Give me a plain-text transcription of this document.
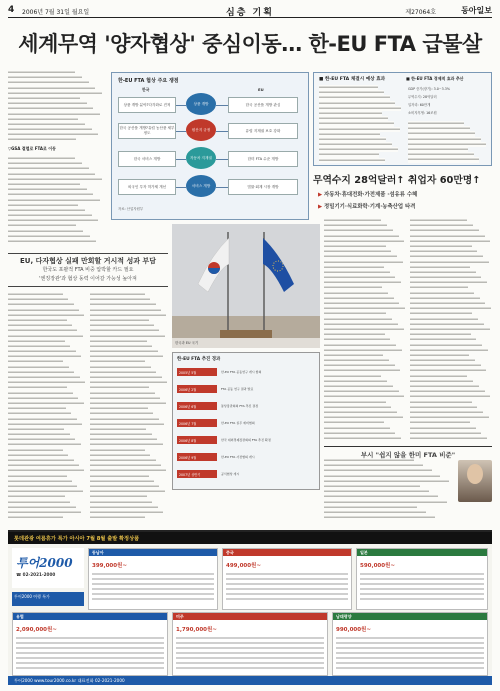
4 2006년 7월 31일 월요일	심층 기획	제27064호	동아일보
세계무역 '양자협상' 중심이동… 한-EU FTA 급물살
▽GSA 결렬로 FTA로 이동
한-EU FTA 협상 주요 쟁점
한국	EU
상품 개방 분야?다각화로 진척	상품 개방	한국 공산품 개방 관심
한국 공산품 개방?유럽 농산품 세부 정도
원산지 규정	유럽 지재권 보호 강화
한국 서비스 개방	자동차 지재권	한미 FTA 수준 개방
외국인 투자 허가제 개선	서비스 개방	법률·회계 시장 개방
자료: 산업자원부
■ 한-EU FTA 체결시 예상 효과	■ 한-EU FTA 경제적 효과 추산
GDP 증가(장기): 3.0~3.3%
무역수지: 28억달러
일자리: 60만개
소비자후생: 16조원
무역수지 28억달러↑ 취업자 60만명↑
▶ 자동차·휴대전화·가전제품 ·섬유류 수혜
▶ 정밀기기·식료화학·기계·농축산업 타격
EU, 다자협상 실패 만회할 거시적 성과 부담
한국도 포괄적 FTA 비중 압박할 카드 필요
'엔징장관'과 협상 동력 이어갈 가능성 높아져
한국과 EU 국기
한-EU FTA 추진 경과
2005년 5월	한-EU FTA 공동연구 개시 합의
2006년 2월	FTA 공동 연구 결과 발표
2006년 6월	통상장관회의 FTA 추진 결정
2006년 7월	한-EU FTA 실무 예비협의
2006년 8월	한국 대외경제장관회의 FTA 추진 확정
2006년 9월	한-EU FTA 사전협의 개시
2007년 상반기	공식협상 개시
부시 "쉽지 않을 한미 FTA 비준"
롯데관광 여름휴가 특가 아시아 7월 8월 출발 확정상품
투어2000
☎ 02-2021-2000
투어2000 여행 특가
동남아
399,000원~
중국
499,000원~
일본
590,000원~
유럽
2,090,000원~
미주
1,790,000원~
남태평양
990,000원~
투어2000 www.tour2000.co.kr 대표전화 02-2021-2000
